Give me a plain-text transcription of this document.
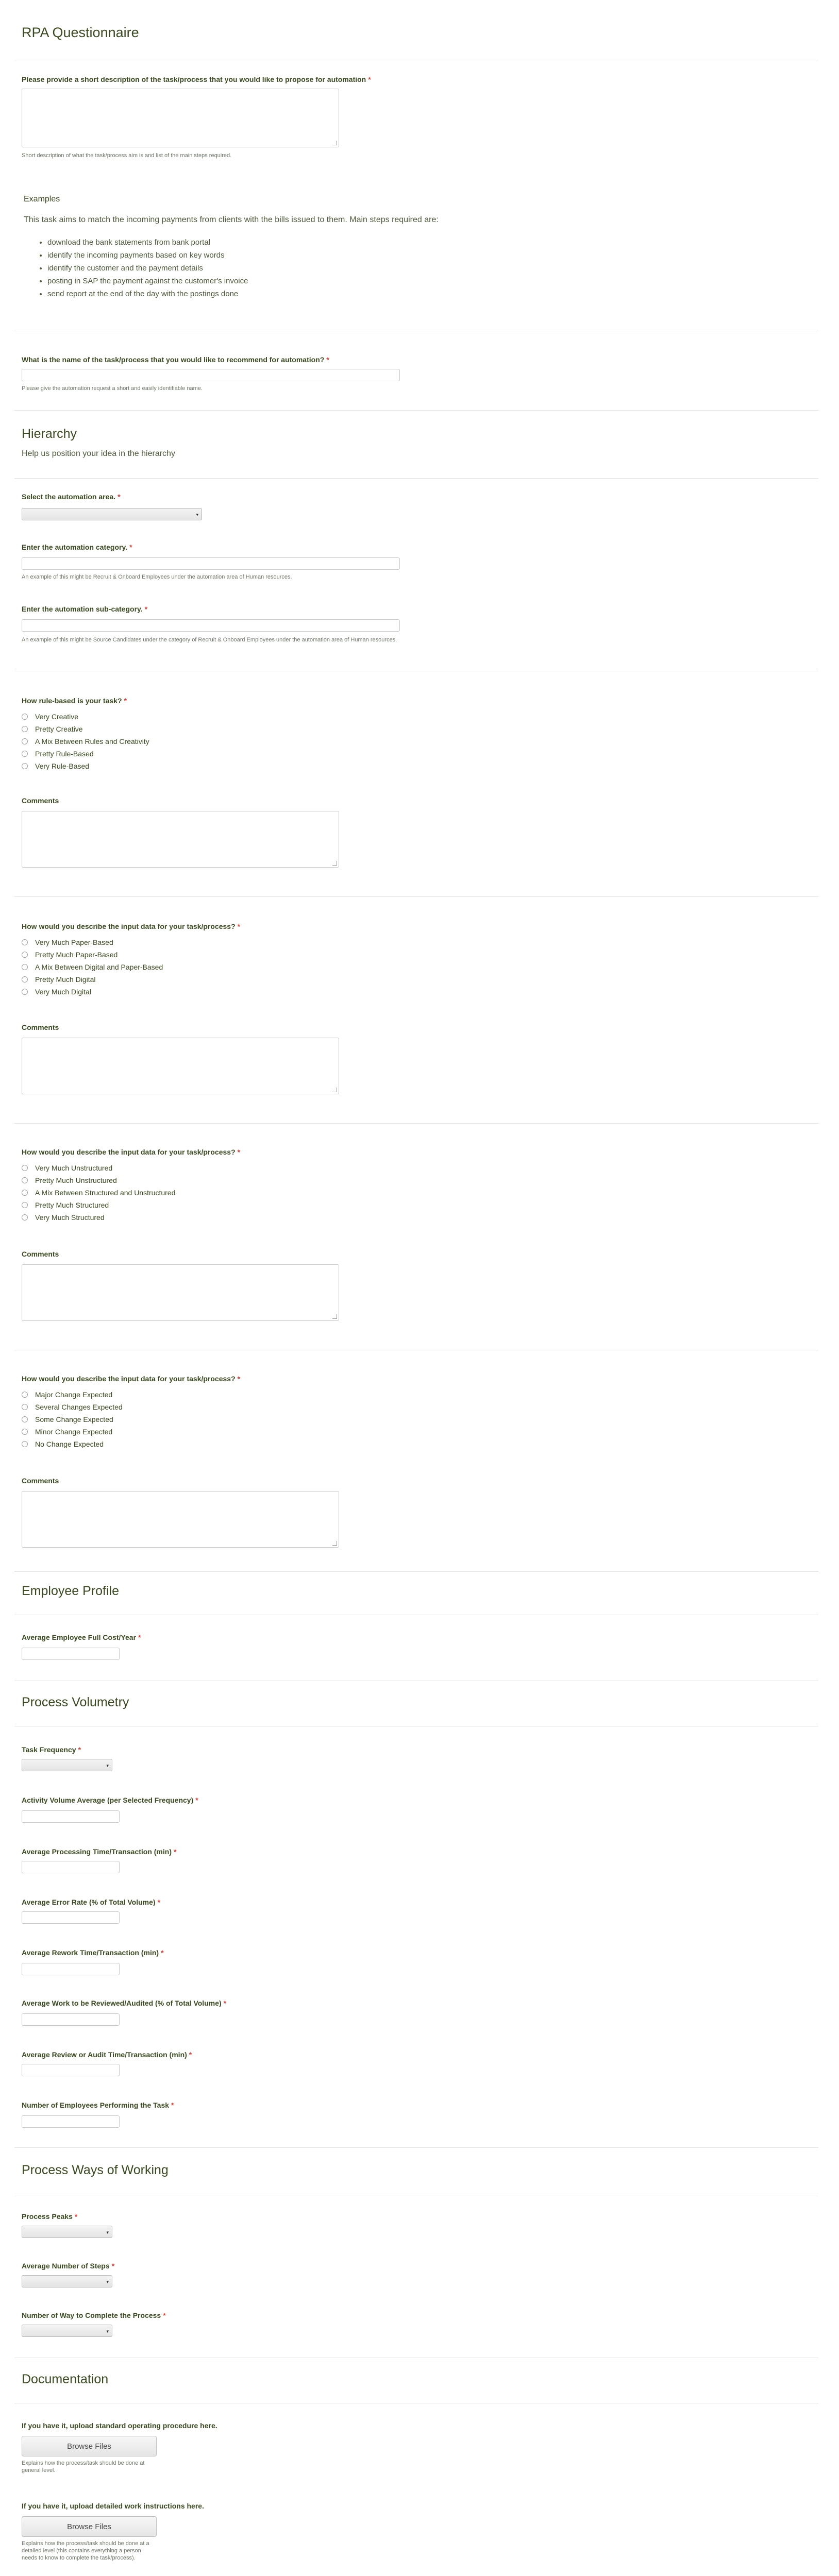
RPA Questionnaire
Please provide a short description of the task/process that you would like to propose for automation *
Short description of what the task/process aim is and list of the main steps required.
Examples
This task aims to match the incoming payments from clients with the bills issued to them. Main steps required are:
• download the bank statements from bank portal
• identify the incoming payments based on key words
• identify the customer and the payment details
• posting in SAP the payment against the customer's invoice
• send report at the end of the day with the postings done
What is the name of the task/process that you would like to recommend for automation? *
Please give the automation request a short and easily identifiable name.
Hierarchy
Help us position your idea in the hierarchy
Select the automation area. *
▾
Enter the automation category. *
An example of this might be Recruit & Onboard Employees under the automation area of Human resources.
Enter the automation sub-category. *
An example of this might be Source Candidates under the category of Recruit & Onboard Employees under the automation area of Human resources.
How rule-based is your task? *
Very Creative
Pretty Creative
A Mix Between Rules and Creativity
Pretty Rule-Based
Very Rule-Based
Comments
How would you describe the input data for your task/process? *
Very Much Paper-Based
Pretty Much Paper-Based
A Mix Between Digital and Paper-Based
Pretty Much Digital
Very Much Digital
Comments
How would you describe the input data for your task/process? *
Very Much Unstructured
Pretty Much Unstructured
A Mix Between Structured and Unstructured
Pretty Much Structured
Very Much Structured
Comments
How would you describe the input data for your task/process? *
Major Change Expected
Several Changes Expected
Some Change Expected
Minor Change Expected
No Change Expected
Comments
Employee Profile
Average Employee Full Cost/Year *
Process Volumetry
Task Frequency *
▾
Activity Volume Average (per Selected Frequency) *
Average Processing Time/Transaction (min) *
Average Error Rate (% of Total Volume) *
Average Rework Time/Transaction (min) *
Average Work to be Reviewed/Audited (% of Total Volume) *
Average Review or Audit Time/Transaction (min) *
Number of Employees Performing the Task *
Process Ways of Working
Process Peaks *
▾
Average Number of Steps *
▾
Number of Way to Complete the Process *
▾
Documentation
If you have it, upload standard operating procedure here.
Browse Files
Explains how the process/task should be done at general level.
If you have it, upload detailed work instructions here.
Browse Files
Explains how the process/task should be done at a detailed level (this contains everything a person needs to know to complete the task/process).
